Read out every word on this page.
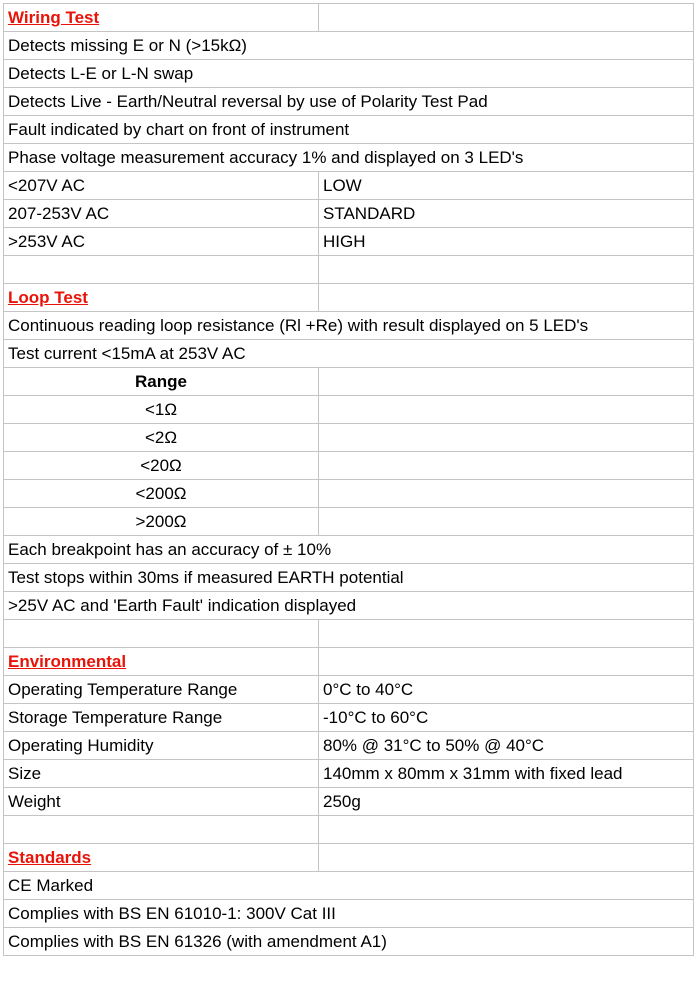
Wiring Test	
Detects missing E or N (>15kΩ)	
Detects L-E or L-N swap	
Detects Live - Earth/Neutral reversal by use of Polarity Test Pad	
Fault indicated by chart on front of instrument	
Phase voltage measurement accuracy 1% and displayed on 3 LED's	
<207V AC	LOW
207-253V AC	STANDARD
>253V AC	HIGH

Loop Test	
Continuous reading loop resistance (Rl +Re) with result displayed on 5 LED's	
Test current <15mA at 253V AC	
Range	
<1Ω	
<2Ω	
<20Ω	
<200Ω	
>200Ω	
Each breakpoint has an accuracy of ± 10%	
Test stops within 30ms if measured EARTH potential	
>25V AC and 'Earth Fault' indication displayed	

Environmental	
Operating Temperature Range	0°C to 40°C
Storage Temperature Range	-10°C to 60°C
Operating Humidity	80% @ 31°C to 50% @ 40°C
Size	140mm x 80mm x 31mm with fixed lead
Weight	250g

Standards	
CE Marked	
Complies with BS EN 61010-1: 300V Cat III	
Complies with BS EN 61326 (with amendment A1)	
